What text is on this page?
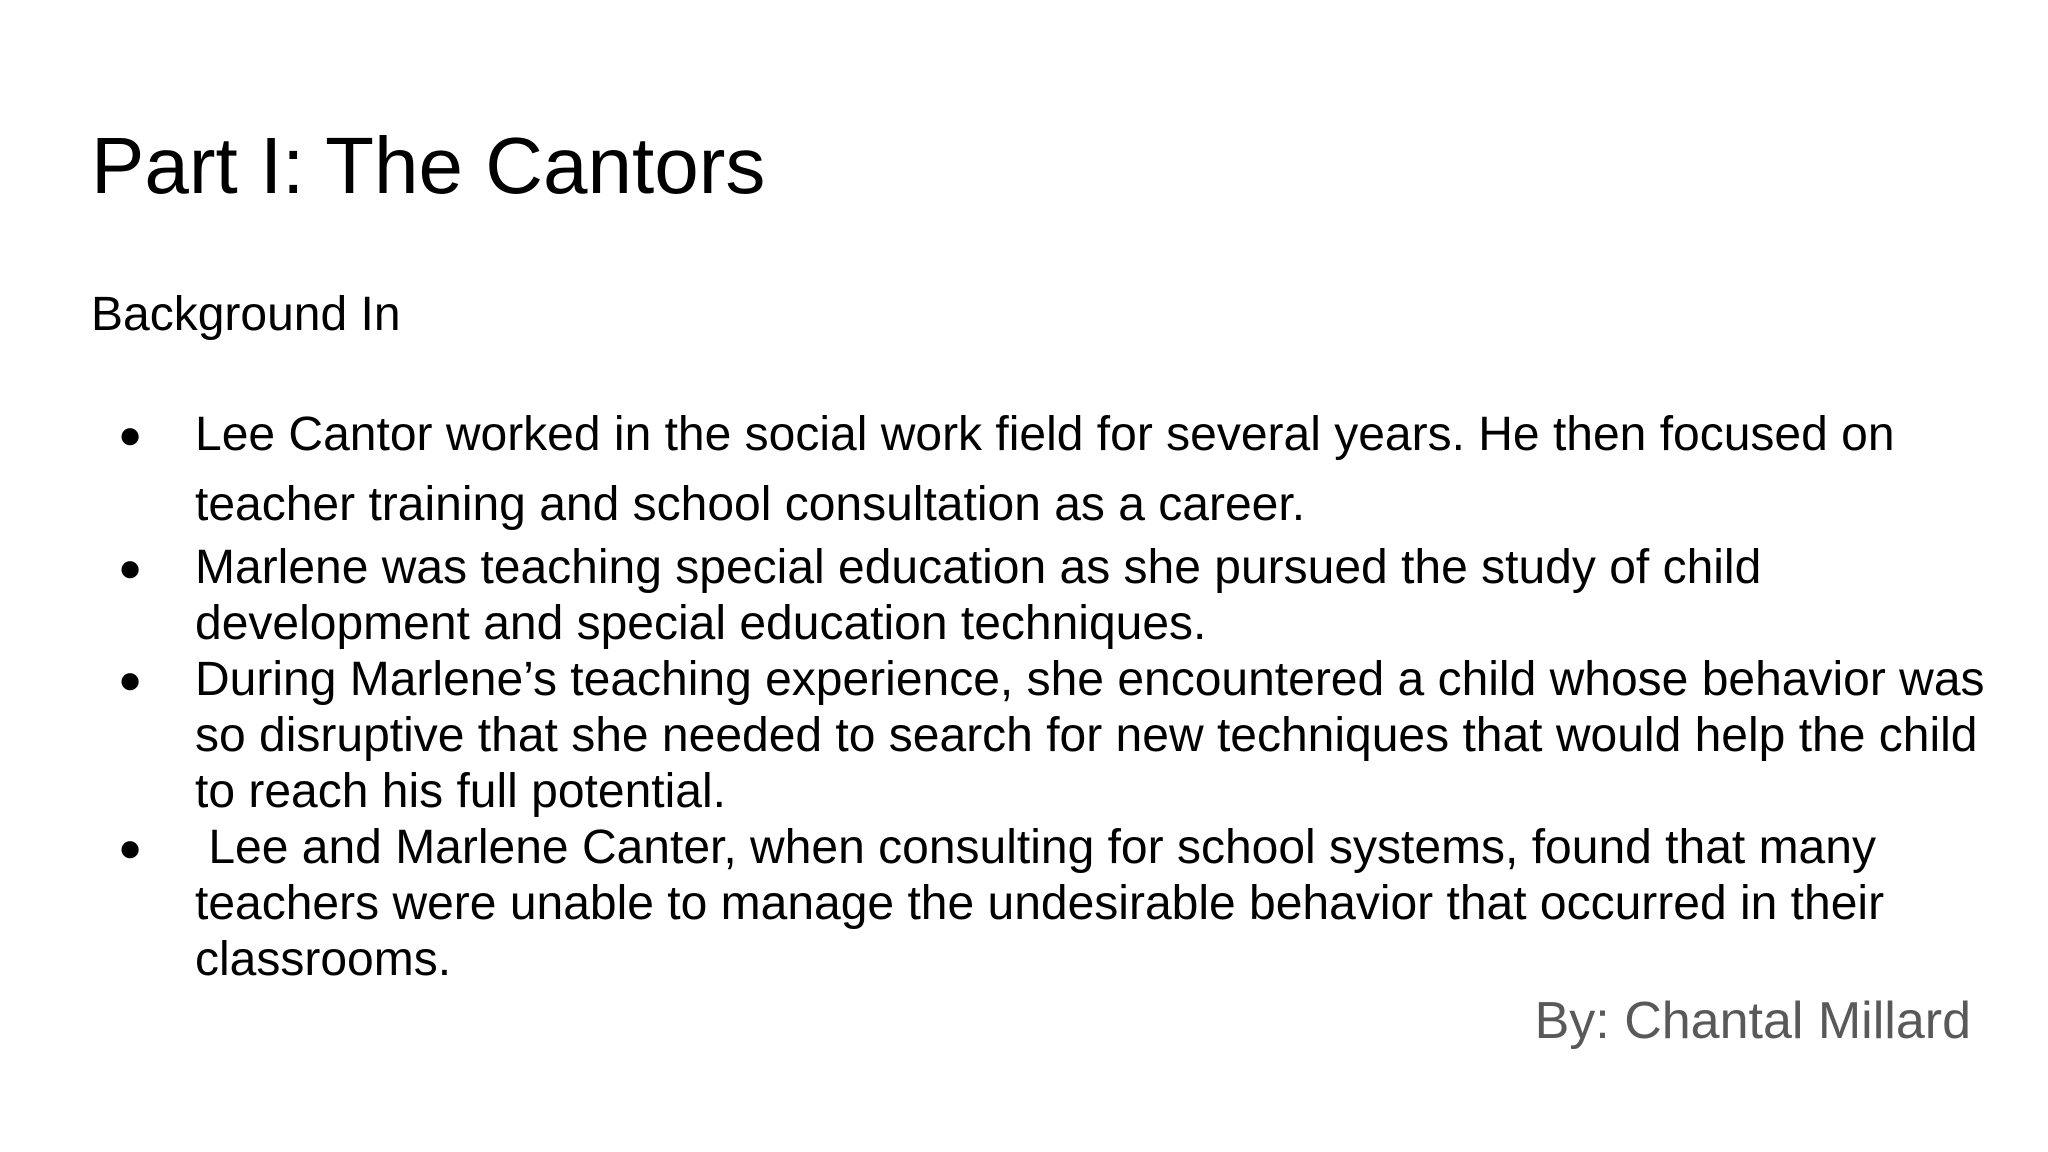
Part I: The Cantors

Background In

● Lee Cantor worked in the social work field for several years. He then focused on teacher training and school consultation as a career.
● Marlene was teaching special education as she pursued the study of child development and special education techniques.
● During Marlene’s teaching experience, she encountered a child whose behavior was so disruptive that she needed to search for new techniques that would help the child to reach his full potential.
● Lee and Marlene Canter, when consulting for school systems, found that many teachers were unable to manage the undesirable behavior that occurred in their classrooms.

By: Chantal Millard
